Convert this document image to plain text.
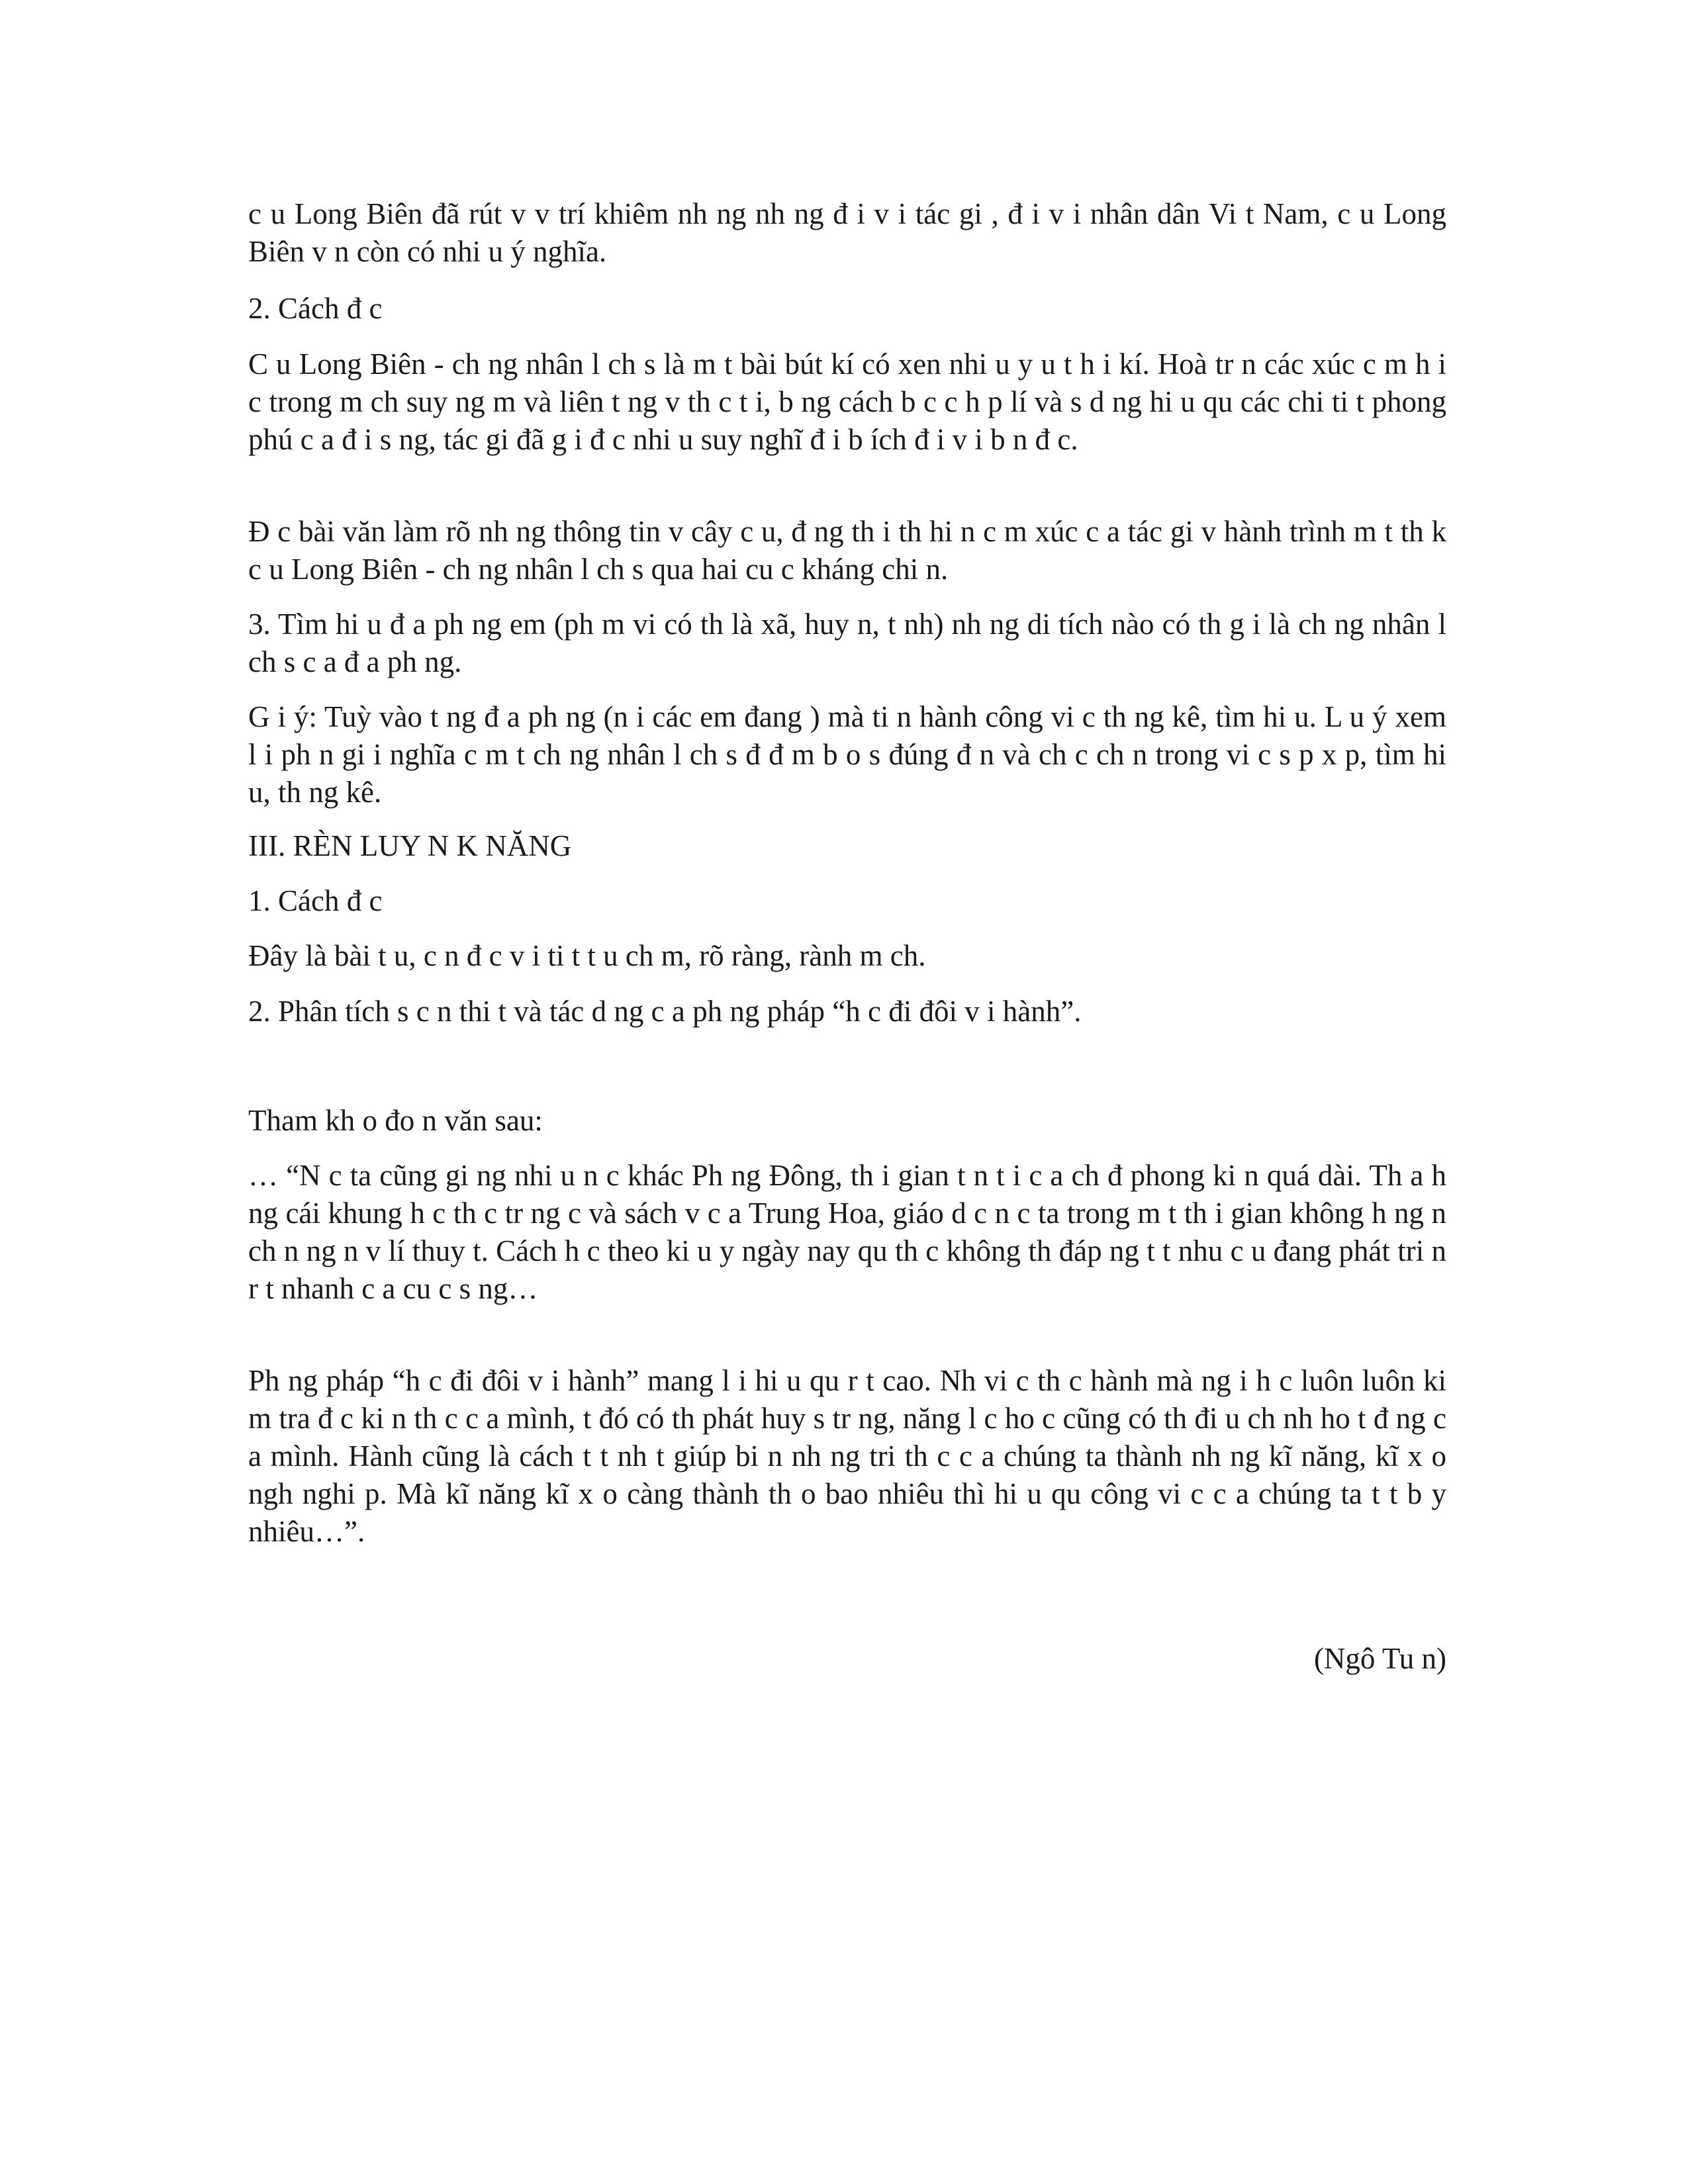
c u Long Biên đã rút v v trí khiêm nh ng nh ng đ i v i tác gi , đ i v i nhân dân Vi t Nam, c u Long Biên v n còn có nhi u ý nghĩa.

2. Cách đ c

C u Long Biên - ch ng nhân l ch s là m t bài bút kí có xen nhi u y u t h i kí. Hoà tr n các xúc c m h i c trong m ch suy ng m và liên t ng v th c t i, b ng cách b c c h p lí và s d ng hi u qu các chi ti t phong phú c a đ i s ng, tác gi đã g i đ c nhi u suy nghĩ đ i b ích đ i v i b n đ c.

Đ c bài văn làm rõ nh ng thông tin v cây c u, đ ng th i th hi n c m xúc c a tác gi v hành trình m t th k c u Long Biên - ch ng nhân l ch s qua hai cu c kháng chi n.

3. Tìm hi u đ a ph ng em (ph m vi có th là xã, huy n, t nh) nh ng di tích nào có th g i là ch ng nhân l ch s c a đ a ph ng.

G i ý: Tuỳ vào t ng đ a ph ng (n i các em đang ) mà ti n hành công vi c th ng kê, tìm hi u. L u ý xem l i ph n gi i nghĩa c m t ch ng nhân l ch s đ đ m b o s đúng đ n và ch c ch n trong vi c s p x p, tìm hi u, th ng kê.

III. RÈN LUY N K NĂNG

1. Cách đ c

Đây là bài t u, c n đ c v i ti t t u ch m, rõ ràng, rành m ch.

2. Phân tích s c n thi t và tác d ng c a ph ng pháp “h c đi đôi v i hành”.

Tham kh o đo n văn sau:

… “N c ta cũng gi ng nhi u n c khác Ph ng Đông, th i gian t n t i c a ch đ phong ki n quá dài. Th a h ng cái khung h c th c tr ng c và sách v c a Trung Hoa, giáo d c n c ta trong m t th i gian không h ng n ch n ng n v lí thuy t. Cách h c theo ki u y ngày nay qu th c không th đáp ng t t nhu c u đang phát tri n r t nhanh c a cu c s ng…

Ph ng pháp “h c đi đôi v i hành” mang l i hi u qu r t cao. Nh vi c th c hành mà ng i h c luôn luôn ki m tra đ c ki n th c c a mình, t đó có th phát huy s tr ng, năng l c ho c cũng có th đi u ch nh ho t đ ng c a mình. Hành cũng là cách t t nh t giúp bi n nh ng tri th c c a chúng ta thành nh ng kĩ năng, kĩ x o ngh nghi p. Mà kĩ năng kĩ x o càng thành th o bao nhiêu thì hi u qu công vi c c a chúng ta t t b y nhiêu…”.

(Ngô Tu n)
